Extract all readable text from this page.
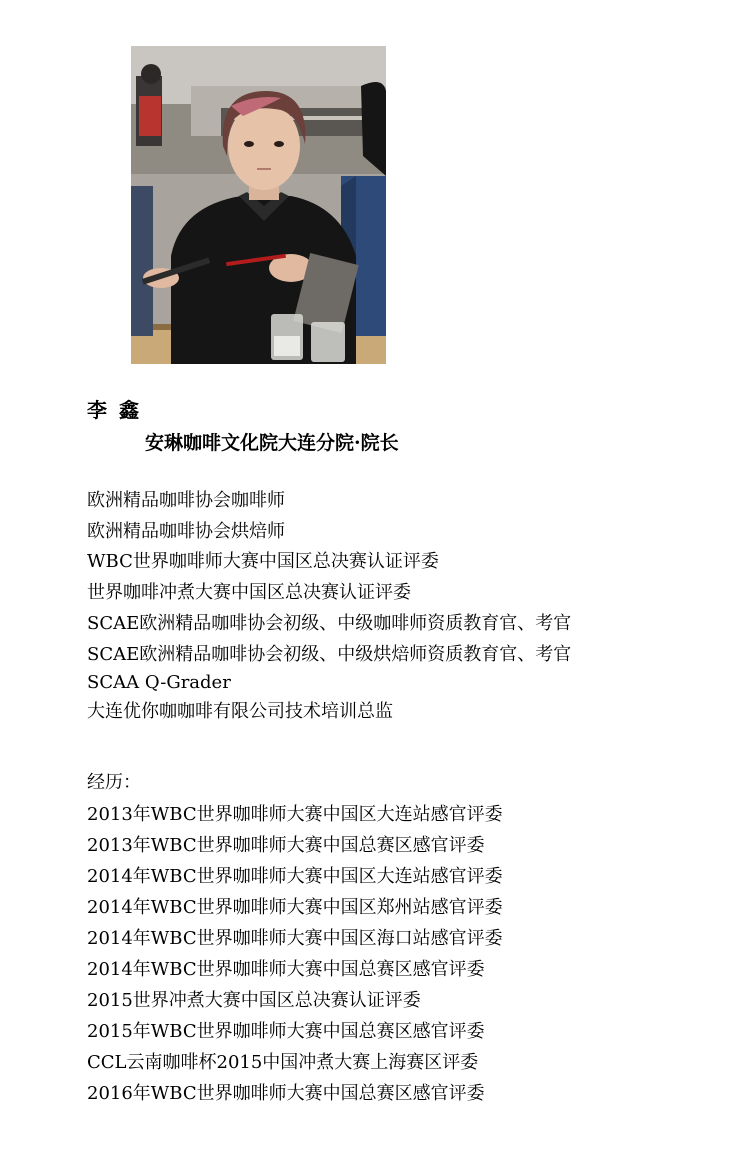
李 鑫
安琳咖啡文化院大连分院·院长
欧洲精品咖啡协会咖啡师
欧洲精品咖啡协会烘焙师
WBC世界咖啡师大赛中国区总决赛认证评委
世界咖啡冲煮大赛中国区总决赛认证评委
SCAE欧洲精品咖啡协会初级、中级咖啡师资质教育官、考官
SCAE欧洲精品咖啡协会初级、中级烘焙师资质教育官、考官
SCAA Q-Grader
大连优你咖咖啡有限公司技术培训总监
经历：
2013年WBC世界咖啡师大赛中国区大连站感官评委
2013年WBC世界咖啡师大赛中国总赛区感官评委
2014年WBC世界咖啡师大赛中国区大连站感官评委
2014年WBC世界咖啡师大赛中国区郑州站感官评委
2014年WBC世界咖啡师大赛中国区海口站感官评委
2014年WBC世界咖啡师大赛中国总赛区感官评委
2015世界冲煮大赛中国区总决赛认证评委
2015年WBC世界咖啡师大赛中国总赛区感官评委
CCL云南咖啡杯2015中国冲煮大赛上海赛区评委
2016年WBC世界咖啡师大赛中国总赛区感官评委
